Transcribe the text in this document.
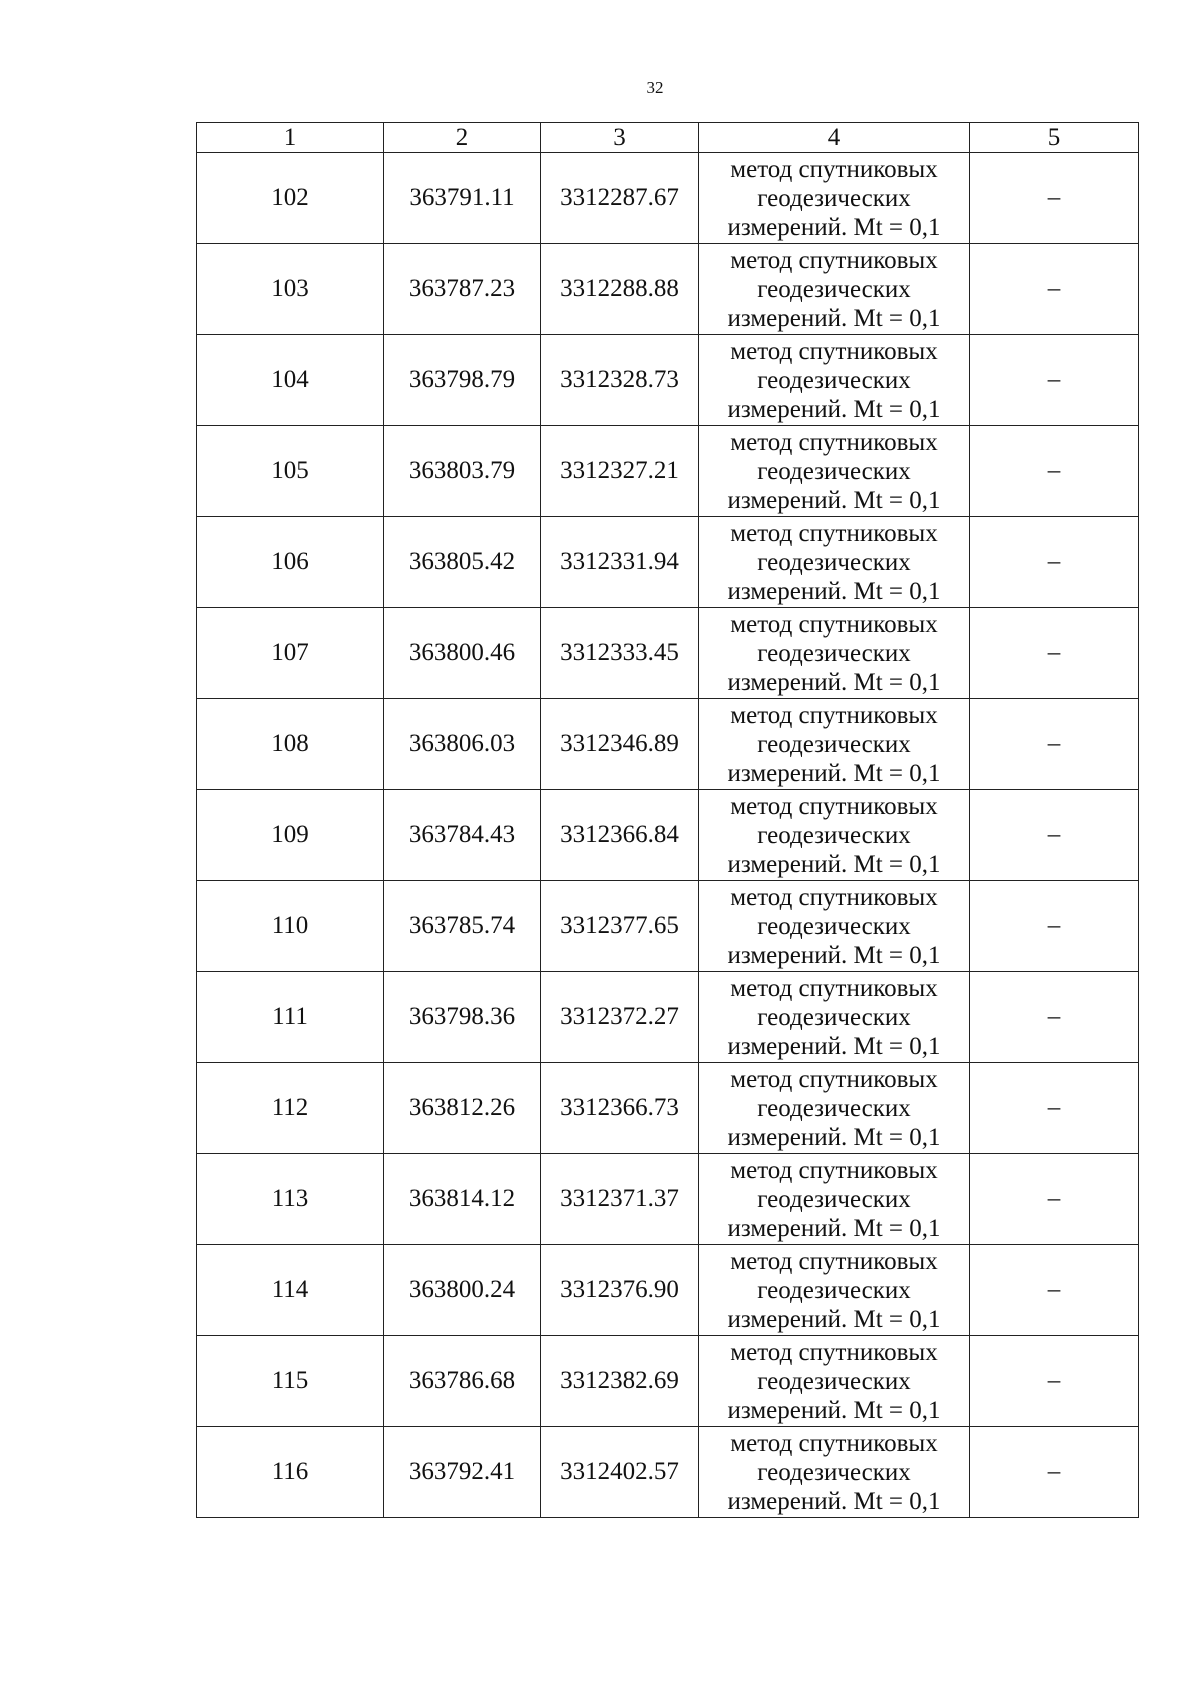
32
1	2	3	4	5
102	363791.11	3312287.67	метод спутниковых
геодезических
измерений. Mt = 0,1	–
103	363787.23	3312288.88	метод спутниковых
геодезических
измерений. Mt = 0,1	–
104	363798.79	3312328.73	метод спутниковых
геодезических
измерений. Mt = 0,1	–
105	363803.79	3312327.21	метод спутниковых
геодезических
измерений. Mt = 0,1	–
106	363805.42	3312331.94	метод спутниковых
геодезических
измерений. Mt = 0,1	–
107	363800.46	3312333.45	метод спутниковых
геодезических
измерений. Mt = 0,1	–
108	363806.03	3312346.89	метод спутниковых
геодезических
измерений. Mt = 0,1	–
109	363784.43	3312366.84	метод спутниковых
геодезических
измерений. Mt = 0,1	–
110	363785.74	3312377.65	метод спутниковых
геодезических
измерений. Mt = 0,1	–
111	363798.36	3312372.27	метод спутниковых
геодезических
измерений. Mt = 0,1	–
112	363812.26	3312366.73	метод спутниковых
геодезических
измерений. Mt = 0,1	–
113	363814.12	3312371.37	метод спутниковых
геодезических
измерений. Mt = 0,1	–
114	363800.24	3312376.90	метод спутниковых
геодезических
измерений. Mt = 0,1	–
115	363786.68	3312382.69	метод спутниковых
геодезических
измерений. Mt = 0,1	–
116	363792.41	3312402.57	метод спутниковых
геодезических
измерений. Mt = 0,1	–
